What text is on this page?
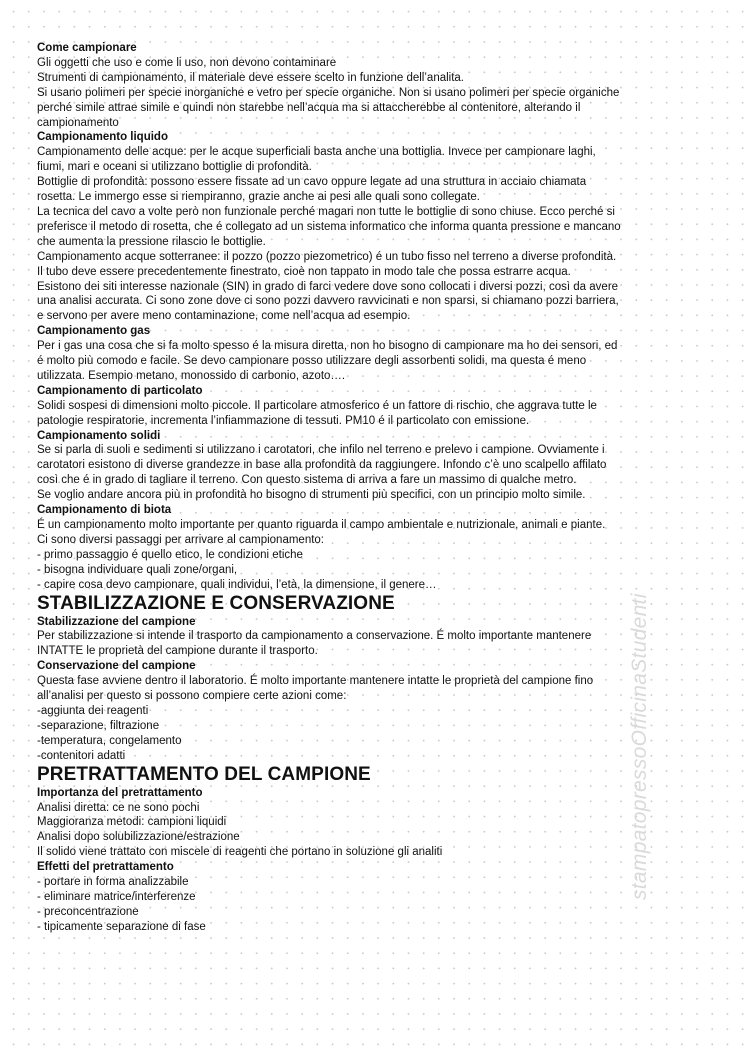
stampatopressoOfficinaStudenti
Come campionare
Gli oggetti che uso e come li uso, non devono contaminare
Strumenti di campionamento, il materiale deve essere scelto in funzione dell’analita.
Si usano polimeri per specie inorganiche e vetro per specie organiche. Non si usano polimeri per specie organiche
perché simile attrae simile e quindi non starebbe nell’acqua ma si attaccherebbe al contenitore, alterando il
campionamento
Campionamento liquido
Campionamento delle acque: per le acque superficiali basta anche una bottiglia. Invece per campionare laghi,
fiumi, mari e oceani si utilizzano bottiglie di profondità.
Bottiglie di profondità: possono essere fissate ad un cavo oppure legate ad una struttura in acciaio chiamata
rosetta. Le immergo esse si riempiranno, grazie anche ai pesi alle quali sono collegate.
La tecnica del cavo a volte però non funzionale perché magari non tutte le bottiglie di sono chiuse. Ecco perché si
preferisce il metodo di rosetta, che é collegato ad un sistema informatico che informa quanta pressione e mancano
che aumenta la pressione rilascio le bottiglie.
Campionamento acque sotterranee: il pozzo (pozzo piezometrico) é un tubo fisso nel terreno a diverse profondità.
Il tubo deve essere precedentemente finestrato, cioè non tappato in modo tale che possa estrarre acqua.
Esistono dei siti interesse nazionale (SIN) in grado di farci vedere dove sono collocati i diversi pozzi, così da avere
una analisi accurata. Ci sono zone dove ci sono pozzi davvero ravvicinati e non sparsi, si chiamano pozzi barriera,
e servono per avere meno contaminazione, come nell’acqua ad esempio.
Campionamento gas
Per i gas una cosa che si fa molto spesso é la misura diretta, non ho bisogno di campionare ma ho dei sensori, ed
é molto più comodo e facile. Se devo campionare posso utilizzare degli assorbenti solidi, ma questa é meno
utilizzata. Esempio metano, monossido di carbonio, azoto….
Campionamento di particolato
Solidi sospesi di dimensioni molto piccole. Il particolare atmosferico é un fattore di rischio, che aggrava tutte le
patologie respiratorie, incrementa l’infiammazione di tessuti. PM10 é il particolato con emissione.
Campionamento solidi
Se si parla di suoli e sedimenti si utilizzano i carotatori, che infilo nel terreno e prelevo i campione. Ovviamente i
carotatori esistono di diverse grandezze in base alla profondità da raggiungere. Infondo c’è uno scalpello affilato
così che é in grado di tagliare il terreno. Con questo sistema di arriva a fare un massimo di qualche metro.
Se voglio andare ancora più in profondità ho bisogno di strumenti più specifici, con un principio molto simile.
Campionamento di biota
É un campionamento molto importante per quanto riguarda il campo ambientale e nutrizionale, animali e piante.
Ci sono diversi passaggi per arrivare al campionamento:
- primo passaggio é quello etico, le condizioni etiche
- bisogna individuare quali zone/organi,
- capire cosa devo campionare, quali individui, l’età, la dimensione, il genere…
STABILIZZAZIONE E CONSERVAZIONE
Stabilizzazione del campione
Per stabilizzazione si intende il trasporto da campionamento a conservazione. É molto importante mantenere
INTATTE le proprietà del campione durante il trasporto.
Conservazione del campione
Questa fase avviene dentro il laboratorio. É molto importante mantenere intatte le proprietà del campione fino
all’analisi per questo si possono compiere certe azioni come:
-aggiunta dei reagenti
-separazione, filtrazione
-temperatura, congelamento
-contenitori adatti
PRETRATTAMENTO DEL CAMPIONE
Importanza del pretrattamento
Analisi diretta: ce ne sono pochi
Maggioranza metodi: campioni liquidi
Analisi dopo solubilizzazione/estrazione
Il solido viene trattato con miscele di reagenti che portano in soluzione gli analiti
Effetti del pretrattamento
- portare in forma analizzabile
- eliminare matrice/interferenze
- preconcentrazione
- tipicamente separazione di fase
